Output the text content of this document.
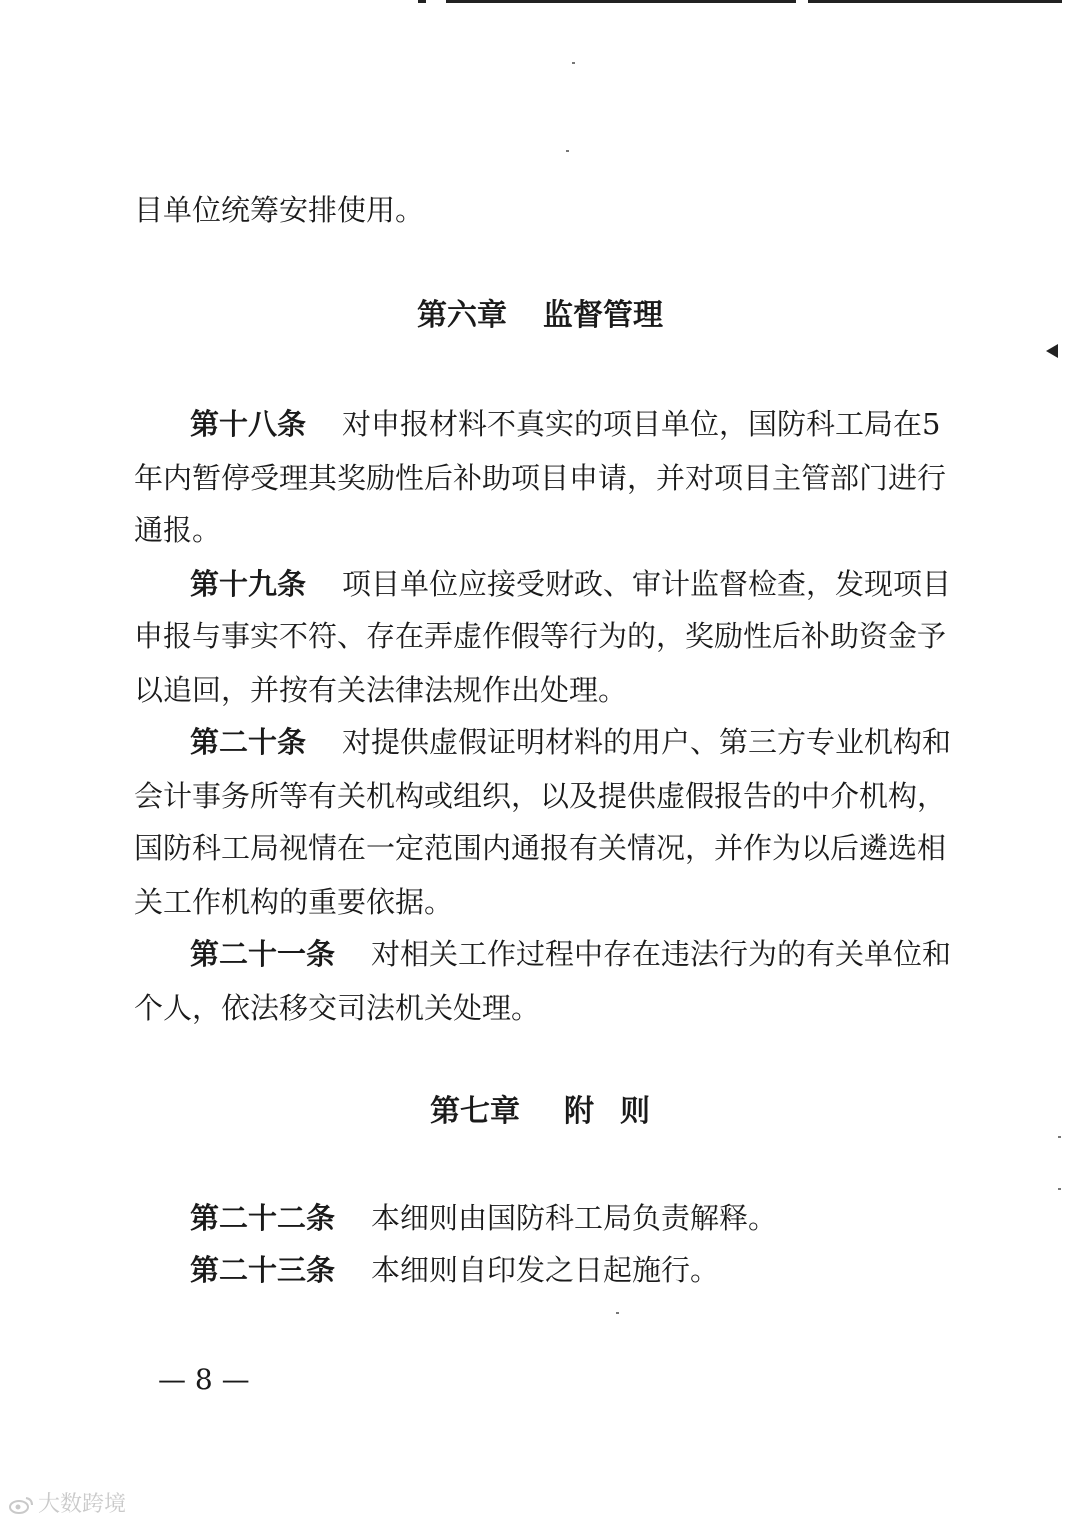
目单位统筹安排使用。
第六章 监督管理
第十八条 对申报材料不真实的项目单位，国防科工局在5
年内暂停受理其奖励性后补助项目申请，并对项目主管部门进行
通报。
第十九条 项目单位应接受财政、审计监督检查，发现项目
申报与事实不符、存在弄虚作假等行为的，奖励性后补助资金予
以追回，并按有关法律法规作出处理。
第二十条 对提供虚假证明材料的用户、第三方专业机构和
会计事务所等有关机构或组织，以及提供虚假报告的中介机构，
国防科工局视情在一定范围内通报有关情况，并作为以后遴选相
关工作机构的重要依据。
第二十一条 对相关工作过程中存在违法行为的有关单位和
个人，依法移交司法机关处理。
第七章 附 则
第二十二条 本细则由国防科工局负责解释。
第二十三条 本细则自印发之日起施行。
— 8 —
大数跨境
